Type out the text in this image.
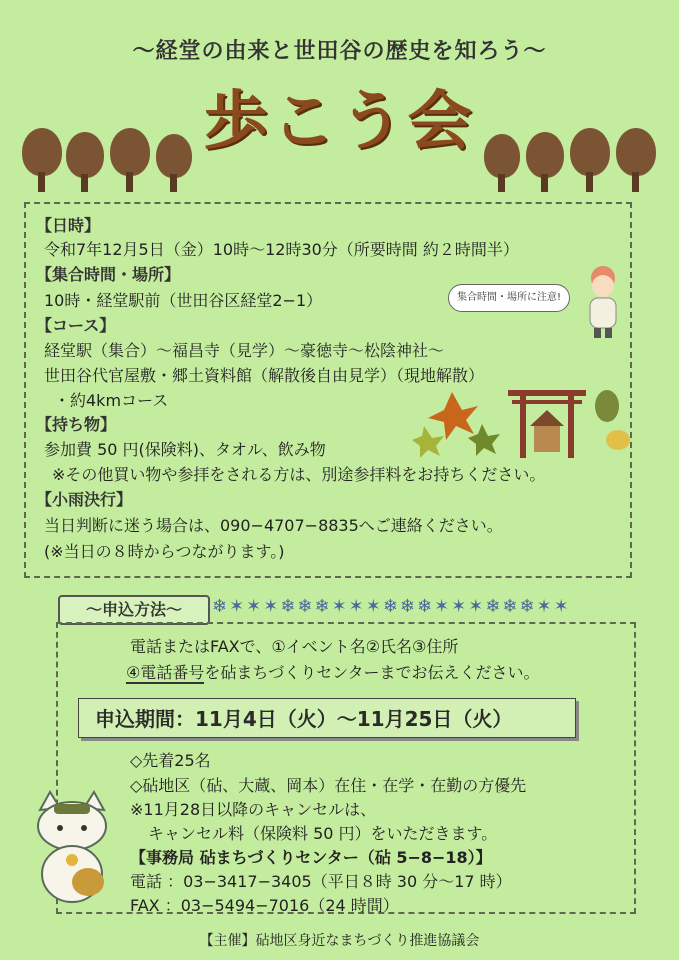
～経堂の由来と世田谷の歴史を知ろう～
歩こう会
【日時】
令和7年12月5日（金）10時～12時30分（所要時間 約２時間半）
【集合時間・場所】
10時・経堂駅前（世田谷区経堂2−1）	集合時間・場所に注意!
【コース】
経堂駅（集合）～福昌寺（見学）～豪徳寺～松陰神社～
世田谷代官屋敷・郷土資料館（解散後自由見学）（現地解散）
・約4kmコース
【持ち物】
参加費 50 円(保険料)、タオル、飲み物
※その他買い物や参拝をされる方は、別途参拝料をお持ちください。
【小雨決行】
当日判断に迷う場合は、090−4707−8835へご連絡ください。
(※当日の８時からつながります。)
～申込方法～	❄✶✶✶❄❄❄✶✶✶❄❄❄✶✶✶❄❄❄✶✶
電話またはFAXで、①イベント名②氏名③住所
④電話番号を砧まちづくりセンターまでお伝えください。
申込期間：11月4日（火）～11月25日（火）
◇先着25名
◇砧地区（砧、大蔵、岡本）在住・在学・在勤の方優先
※11月28日以降のキャンセルは、
キャンセル料（保険料 50 円）をいただきます。
【事務局 砧まちづくりセンター（砧 5−8−18）】
電話 ：03−3417−3405（平日８時 30 分～17 時）
FAX ：03−5494−7016（24 時間）
【主催】砧地区身近なまちづくり推進協議会
